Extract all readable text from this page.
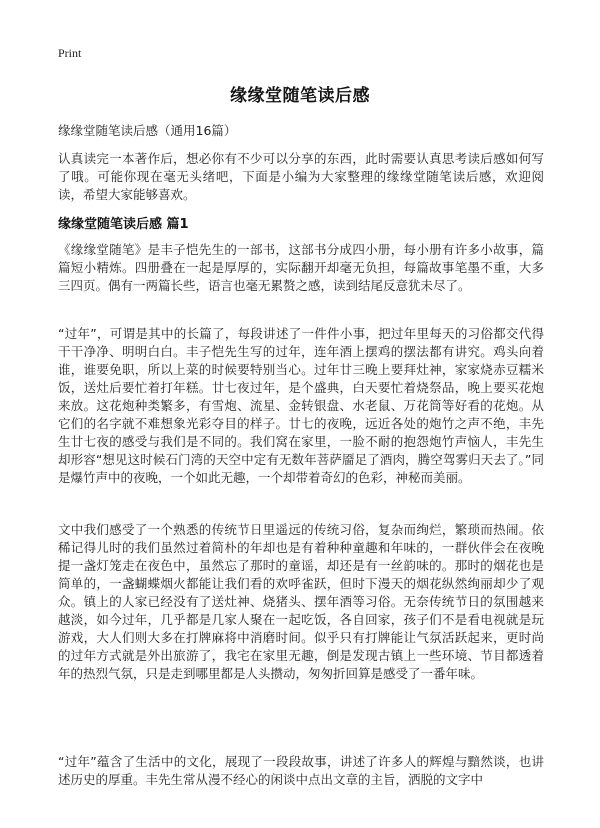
Print
缘缘堂随笔读后感
缘缘堂随笔读后感（通用16篇）

认真读完一本著作后，想必你有不少可以分享的东西，此时需要认真思考读后感如何写了哦。可能你现在毫无头绪吧，下面是小编为大家整理的缘缘堂随笔读后感，欢迎阅读，希望大家能够喜欢。

缘缘堂随笔读后感 篇1

《缘缘堂随笔》是丰子恺先生的一部书，这部书分成四小册，每小册有许多小故事，篇篇短小精炼。四册叠在一起是厚厚的，实际翻开却毫无负担，每篇故事笔墨不重，大多三四页。偶有一两篇长些，语言也毫无累赘之感，读到结尾反意犹未尽了。

“过年”，可谓是其中的长篇了，每段讲述了一件件小事，把过年里每天的习俗都交代得干干净净、明明白白。丰子恺先生写的过年，连年酒上摆鸡的摆法都有讲究。鸡头向着谁，谁要免职，所以上菜的时候要特别当心。过年廿三晚上要拜灶神，家家烧赤豆糯米饭，送灶后要忙着打年糕。廿七夜过年，是个盛典，白天要忙着烧祭品，晚上要买花炮来放。这花炮种类繁多，有雪炮、流星、金转银盘、水老鼠、万花筒等好看的花炮。从它们的名字就不难想象光彩夺目的样子。廿七的夜晚，远近各处的炮竹之声不绝，丰先生廿七夜的感受与我们是不同的。我们窝在家里，一脸不耐的抱怨炮竹声恼人，丰先生却形容“想见这时候石门湾的天空中定有无数年菩萨靥足了酒肉，腾空驾雾归天去了。”同是爆竹声中的夜晚，一个如此无趣，一个却带着奇幻的色彩，神秘而美丽。

文中我们感受了一个熟悉的传统节日里遥远的传统习俗，复杂而绚烂，繁琐而热闹。依稀记得儿时的我们虽然过着简朴的年却也是有着种种童趣和年味的，一群伙伴会在夜晚提一盏灯笼走在夜色中，虽然忘了那时的童谣，却还是有一丝韵味的。那时的烟花也是简单的，一盏蝴蝶烟火都能让我们看的欢呼雀跃，但时下漫天的烟花纵然绚丽却少了观众。镇上的人家已经没有了送灶神、烧猪头、摆年酒等习俗。无奈传统节日的氛围越来越淡，如今过年，几乎都是几家人聚在一起吃饭，各自回家，孩子们不是看电视就是玩游戏，大人们则大多在打牌麻将中消磨时间。似乎只有打牌能让气氛活跃起来，更时尚的过年方式就是外出旅游了，我宅在家里无趣，倒是发现古镇上一些环境、节目都透着年的热烈气氛，只是走到哪里都是人头攒动，匆匆折回算是感受了一番年味。

“过年”蕴含了生活中的文化，展现了一段段故事，讲述了许多人的辉煌与黯然谈，也讲述历史的厚重。丰先生常从漫不经心的闲谈中点出文章的主旨，洒脱的文字中
